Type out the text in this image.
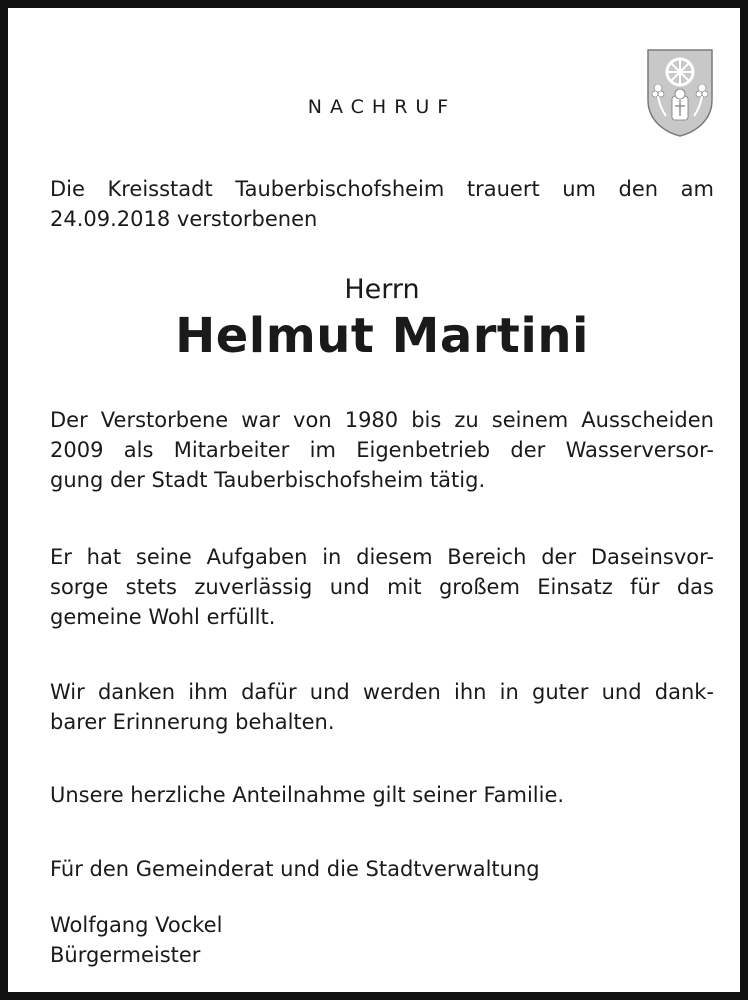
NACHRUF

Die Kreisstadt Tauberbischofsheim trauert um den am
24.09.2018 verstorbenen

Herrn
Helmut Martini

Der Verstorbene war von 1980 bis zu seinem Ausscheiden
2009 als Mitarbeiter im Eigenbetrieb der Wasserversor-
gung der Stadt Tauberbischofsheim tätig.

Er hat seine Aufgaben in diesem Bereich der Daseinsvor-
sorge stets zuverlässig und mit großem Einsatz für das
gemeine Wohl erfüllt.

Wir danken ihm dafür und werden ihn in guter und dank-
barer Erinnerung behalten.

Unsere herzliche Anteilnahme gilt seiner Familie.

Für den Gemeinderat und die Stadtverwaltung

Wolfgang Vockel
Bürgermeister
